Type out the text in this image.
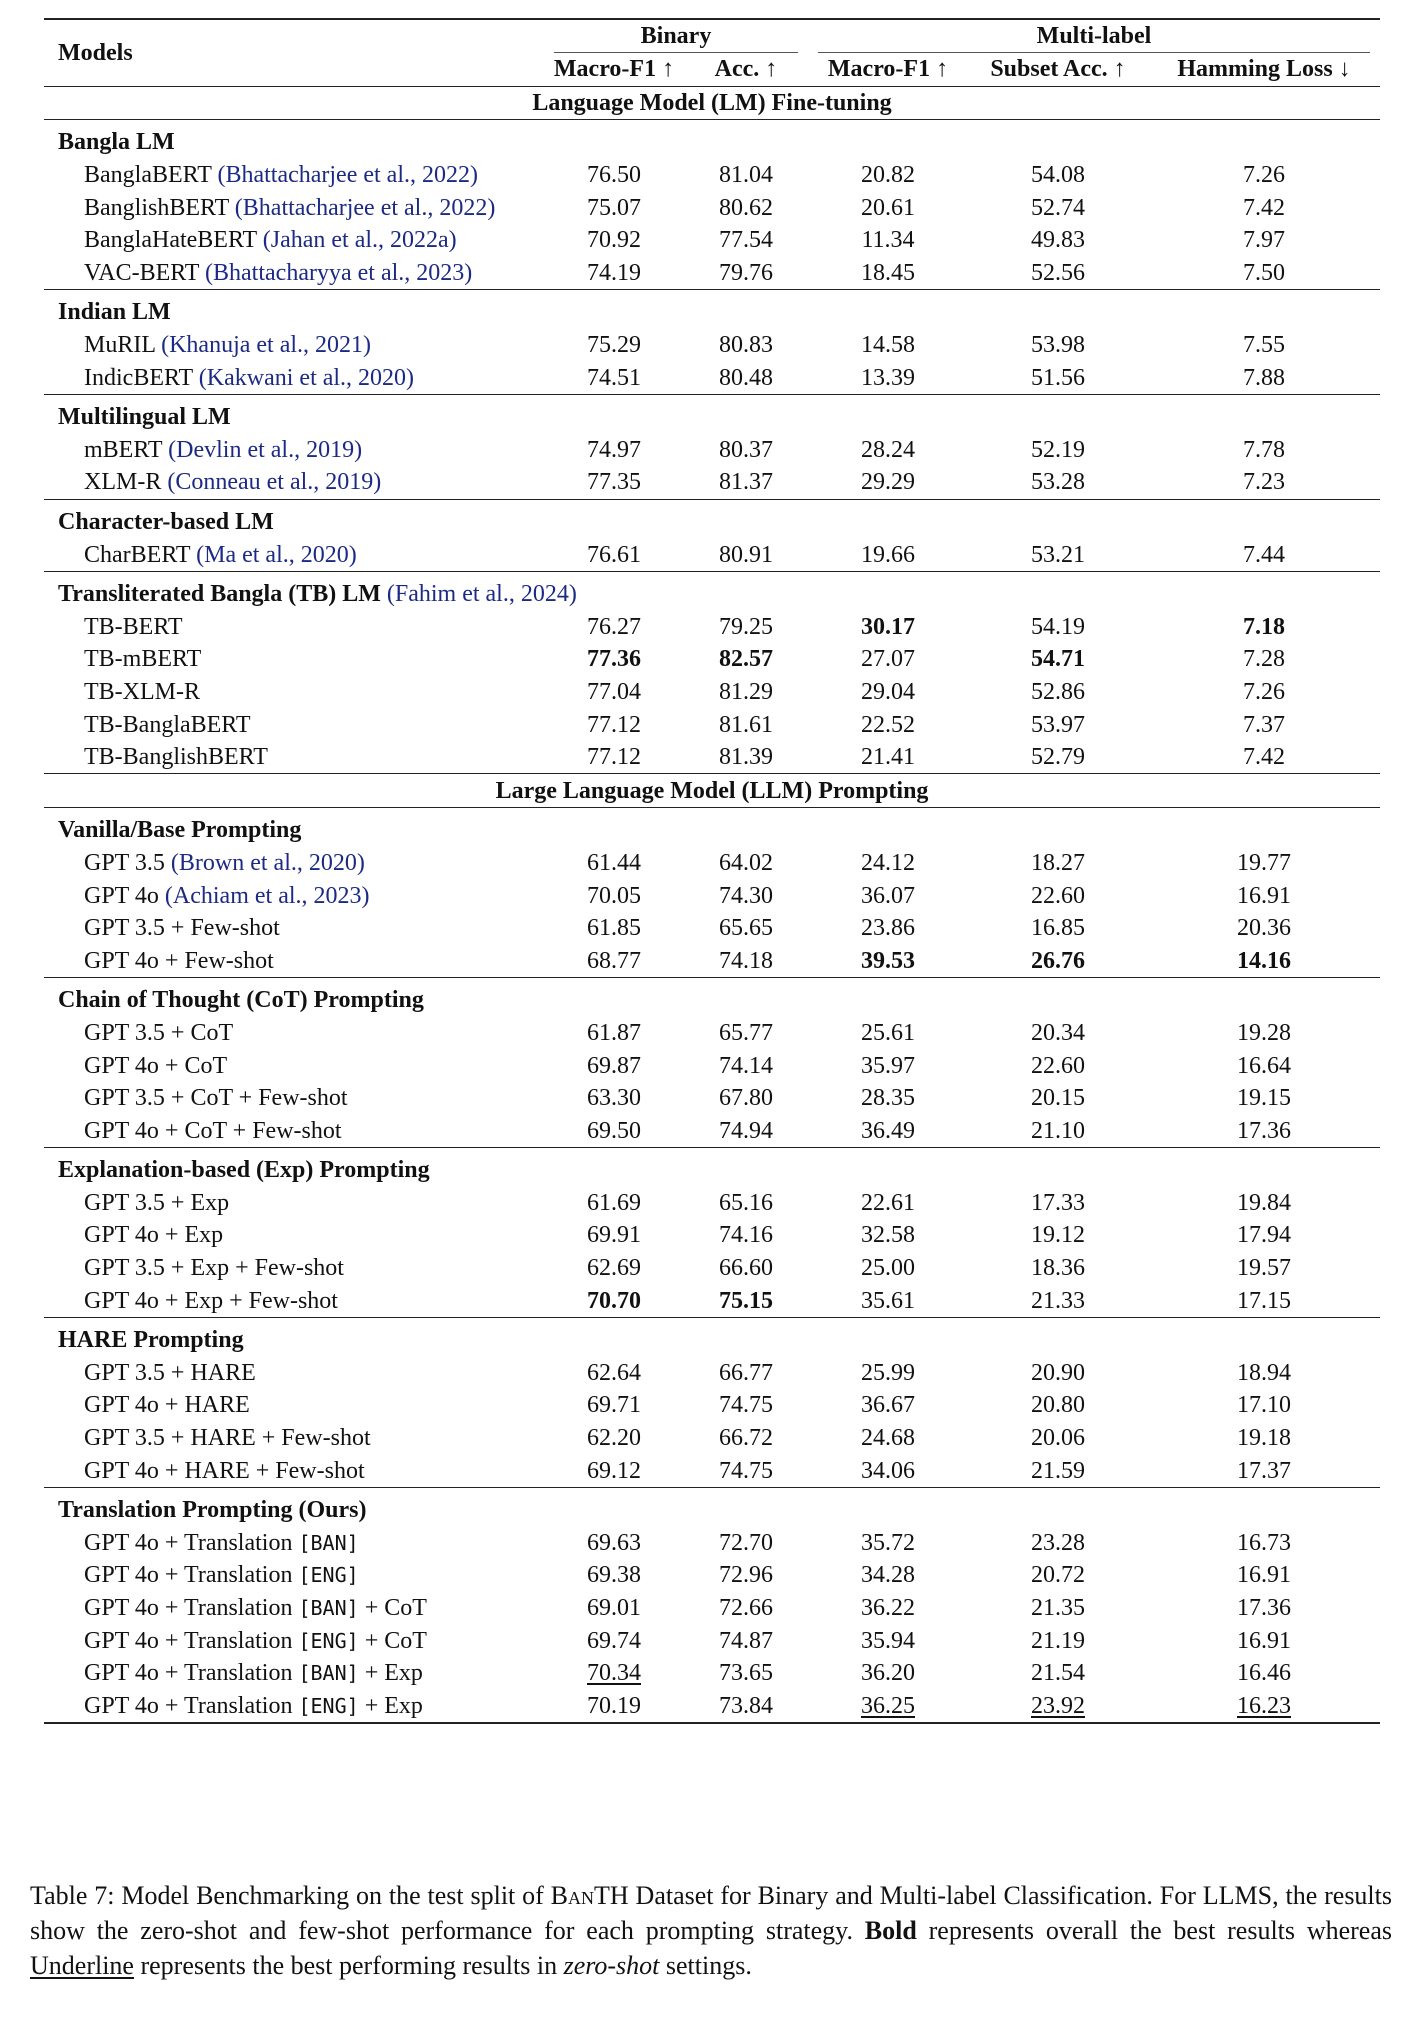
Models	Binary		Multi-label		

	Macro-F1 ↑	Acc. ↑	Macro-F1 ↑	Subset Acc. ↑	Hamming Loss ↓
Language Model (LM) Fine-tuning					
Bangla LM					
BanglaBERT (Bhattacharjee et al., 2022)	76.50	81.04	20.82	54.08	7.26
BanglishBERT (Bhattacharjee et al., 2022)	75.07	80.62	20.61	52.74	7.42
BanglaHateBERT (Jahan et al., 2022a)	70.92	77.54	11.34	49.83	7.97
VAC-BERT (Bhattacharyya et al., 2023)	74.19	79.76	18.45	52.56	7.50
Indian LM					
MuRIL (Khanuja et al., 2021)	75.29	80.83	14.58	53.98	7.55
IndicBERT (Kakwani et al., 2020)	74.51	80.48	13.39	51.56	7.88
Multilingual LM					
mBERT (Devlin et al., 2019)	74.97	80.37	28.24	52.19	7.78
XLM-R (Conneau et al., 2019)	77.35	81.37	29.29	53.28	7.23
Character-based LM					
CharBERT (Ma et al., 2020)	76.61	80.91	19.66	53.21	7.44
Transliterated Bangla (TB) LM (Fahim et al., 2024)					
TB-BERT	76.27	79.25	30.17	54.19	7.18
TB-mBERT	77.36	82.57	27.07	54.71	7.28
TB-XLM-R	77.04	81.29	29.04	52.86	7.26
TB-BanglaBERT	77.12	81.61	22.52	53.97	7.37
TB-BanglishBERT	77.12	81.39	21.41	52.79	7.42
Large Language Model (LLM) Prompting					
Vanilla/Base Prompting					
GPT 3.5 (Brown et al., 2020)	61.44	64.02	24.12	18.27	19.77
GPT 4o (Achiam et al., 2023)	70.05	74.30	36.07	22.60	16.91
GPT 3.5 + Few-shot	61.85	65.65	23.86	16.85	20.36
GPT 4o + Few-shot	68.77	74.18	39.53	26.76	14.16
Chain of Thought (CoT) Prompting					
GPT 3.5 + CoT	61.87	65.77	25.61	20.34	19.28
GPT 4o + CoT	69.87	74.14	35.97	22.60	16.64
GPT 3.5 + CoT + Few-shot	63.30	67.80	28.35	20.15	19.15
GPT 4o + CoT + Few-shot	69.50	74.94	36.49	21.10	17.36
Explanation-based (Exp) Prompting					
GPT 3.5 + Exp	61.69	65.16	22.61	17.33	19.84
GPT 4o + Exp	69.91	74.16	32.58	19.12	17.94
GPT 3.5 + Exp + Few-shot	62.69	66.60	25.00	18.36	19.57
GPT 4o + Exp + Few-shot	70.70	75.15	35.61	21.33	17.15
HARE Prompting					
GPT 3.5 + HARE	62.64	66.77	25.99	20.90	18.94
GPT 4o + HARE	69.71	74.75	36.67	20.80	17.10
GPT 3.5 + HARE + Few-shot	62.20	66.72	24.68	20.06	19.18
GPT 4o + HARE + Few-shot	69.12	74.75	34.06	21.59	17.37
Translation Prompting (Ours)					
GPT 4o + Translation [BAN]	69.63	72.70	35.72	23.28	16.73
GPT 4o + Translation [ENG]	69.38	72.96	34.28	20.72	16.91
GPT 4o + Translation [BAN] + CoT	69.01	72.66	36.22	21.35	17.36
GPT 4o + Translation [ENG] + CoT	69.74	74.87	35.94	21.19	16.91
GPT 4o + Translation [BAN] + Exp	70.34	73.65	36.20	21.54	16.46
GPT 4o + Translation [ENG] + Exp	70.19	73.84	36.25	23.92	16.23
Table 7: Model Benchmarking on the test split of BanTH Dataset for Binary and Multi-label Classification. For LLMS, the results show the zero-shot and few-shot performance for each prompting strategy. Bold represents overall the best results whereas Underline represents the best performing results in zero-shot settings.
